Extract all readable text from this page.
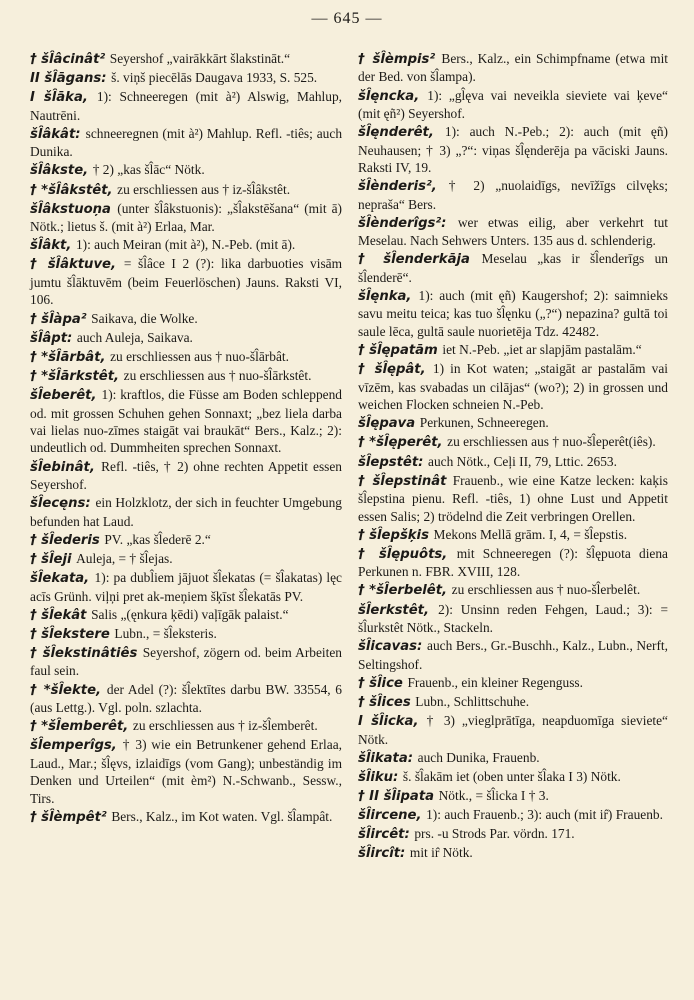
— 645 —

† šl̂âcinât² Seyershof „vairākkārt šlakstināt.“

II šl̂āgans: š. viņš piecēlās Daugava 1933, S. 525.

I šl̂āka, 1): Schneeregen (mit à²) Alswig, Mahlup, Nautrēni.

šl̂âkât: schneeregnen (mit à²) Mahlup. Refl. -tiês; auch Dunika.

šl̂âkste, † 2) „kas šl̂āc“ Nötk.

† *šl̂âkstêt, zu erschliessen aus † iz-šl̂âkstêt.

šl̂âkstuoņa (unter šl̂âkstuonis): „šl̂akstēšana“ (mit ā) Nötk.; lietus š. (mit à²) Erlaa, Mar.

šl̂âkt, 1): auch Meiran (mit à²), N.-Peb. (mit ā).

† šl̂âktuve, = šl̂âce I 2 (?): lika darbuoties visām jumtu šl̂āktuvēm (beim Feuerlöschen) Jauns. Raksti VI, 106.

† šl̂àpa² Saikava, die Wolke.

šl̂âpt: auch Auleja, Saikava.

† *šl̂ārbât, zu erschliessen aus † nuo-šl̂ārbât.

† *šl̂ārkstêt, zu erschliessen aus † nuo-šl̂ārkstêt.

šl̂eberêt, 1): kraftlos, die Füsse am Boden schleppend od. mit grossen Schuhen gehen Sonnaxt; „bez liela darba vai lielas nuo-zīmes staigāt vai braukāt“ Bers., Kalz.; 2): undeutlich od. Dummheiten sprechen Sonnaxt.

šl̂ebinât, Refl. -tiês, † 2) ohne rechten Appetit essen Seyershof.

šl̂ecęns: ein Holzklotz, der sich in feuchter Umgebung befunden hat Laud.

† šl̂ederis PV. „kas šl̂ederē 2.“

† šl̂eji Auleja, = † šl̂ejas.

šl̂ekata, 1): pa dubl̂iem jājuot šl̂ekatas (= šl̂akatas) lęc acīs Grünh. viļņi pret ak-meņiem šķīst šl̂ekatās PV.

† šl̂ekât Salis „(ęnkura ķēdi) vaļīgāk palaist.“

† šl̂ekstere Lubn., = šl̂eksteris.

† šl̂ekstinâtiês Seyershof, zögern od. beim Arbeiten faul sein.

† *šl̂ekte, der Adel (?): šl̂ektītes darbu BW. 33554, 6 (aus Lettg.). Vgl. poln. szlachta.

† *šl̂emberêt, zu erschliessen aus † iz-šl̂emberêt.

šl̂emperîgs, † 3) wie ein Betrunkener gehend Erlaa, Laud., Mar.; šl̂ęvs, izlaidīgs (vom Gang); unbeständig im Denken und Urteilen“ (mit èm²) N.-Schwanb., Sessw., Tirs.

† šl̂èmpêt² Bers., Kalz., im Kot waten. Vgl. šl̂ampât.

† šl̂èmpis² Bers., Kalz., ein Schimpfname (etwa mit der Bed. von šl̂ampa).

šl̂ęncka, 1): „gl̂ęva vai neveikla sieviete vai ķeve“ (mit ęñ²) Seyershof.

šl̂ęnderêt, 1): auch N.-Peb.; 2): auch (mit ęñ) Neuhausen; † 3) „?“: viņas šl̂ęnderēja pa vāciski Jauns. Raksti IV, 19.

šl̂ènderis², † 2) „nuolaidīgs, nevīžīgs cilvęks; nepraša“ Bers.

šl̂ènderîgs²: wer etwas eilig, aber verkehrt tut Meselau. Nach Sehwers Unters. 135 aus d. schlenderig.

† šl̂enderkāja Meselau „kas ir šl̂enderīgs un šl̂enderē“.

šl̂ęnka, 1): auch (mit ęñ) Kaugershof; 2): saimnieks savu meitu teica; kas tuo šl̂ęnku („?“) nepazina? gultā toi saule lēca, gultā saule nuorietēja Tdz. 42482.

† šl̂ępatām iet N.-Peb. „iet ar slapjām pastalām.“

† šl̂ępât, 1) in Kot waten; „staigāt ar pastalām vai vīzēm, kas svabadas un cilājas“ (wo?); 2) in grossen und weichen Flocken schneien N.-Peb.

šl̂ępava Perkunen, Schneeregen.

† *šl̂ęperêt, zu erschliessen aus † nuo-šl̂eperêt(iês).

šl̂epstêt: auch Nötk., Ceļi II, 79, Lttic. 2653.

† šl̂epstinât Frauenb., wie eine Katze lecken: kaķis šl̂epstina pienu. Refl. -tiês, 1) ohne Lust und Appetit essen Salis; 2) trödelnd die Zeit verbringen Orellen.

† šl̂epšķis Mekons Mellā grām. I, 4, = šl̂epstis.

† šl̂ępuôts, mit Schneeregen (?): šl̂ępuota diena Perkunen n. FBR. XVIII, 128.

† *šl̂erbelêt, zu erschliessen aus † nuo-šl̂erbelêt.

šl̂erkstêt, 2): Unsinn reden Fehgen, Laud.; 3): = šl̂urkstêt Nötk., Stackeln.

šl̂icavas: auch Bers., Gr.-Buschh., Kalz., Lubn., Nerft, Seltingshof.

† šl̂ice Frauenb., ein kleiner Regenguss.

† šl̂ices Lubn., Schlittschuhe.

I šl̂icka, † 3) „vieglprātīga, neapduomīga sieviete“ Nötk.

šl̂ikata: auch Dunika, Frauenb.

šl̂iku: š. šl̂akām iet (oben unter šl̂aka I 3) Nötk.

† II šl̂ipata Nötk., = šl̂icka I † 3.

šl̂ircene, 1): auch Frauenb.; 3): auch (mit ir̂) Frauenb.

šl̂ircêt: prs. -u Strods Par. vördn. 171.

šl̂ircît: mit ir̂ Nötk.
